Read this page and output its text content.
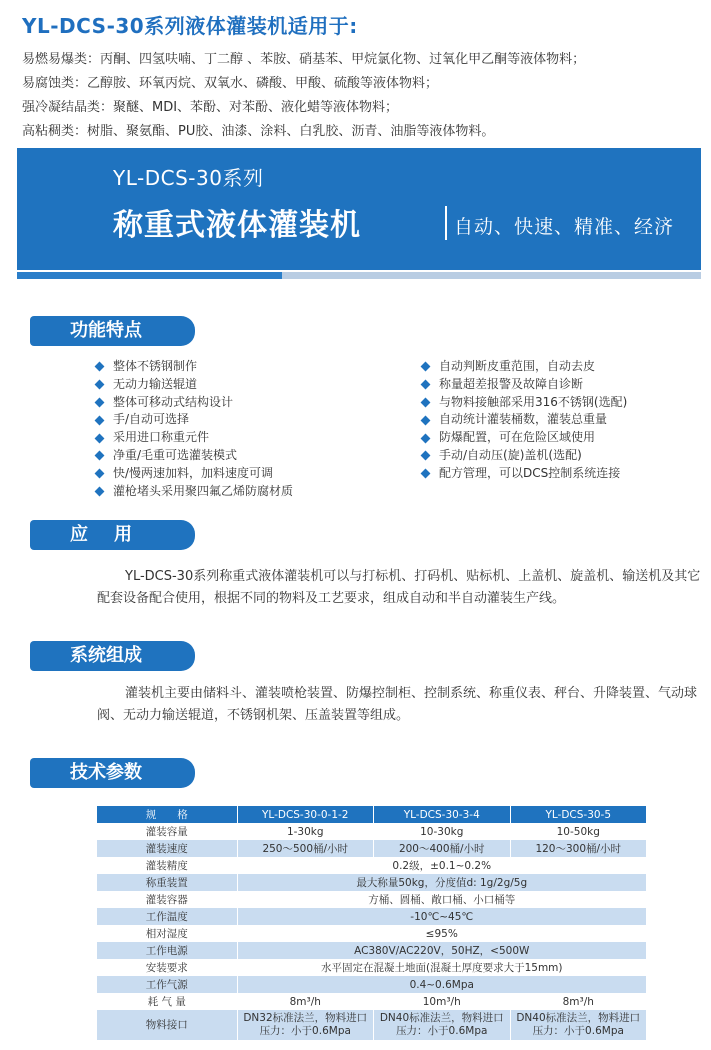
YL-DCS-30系列液体灌装机适用于:
易燃易爆类：丙酮、四氢呋喃、丁二醇 、苯胺、硝基苯、甲烷氯化物、过氧化甲乙酮等液体物料；
易腐蚀类：乙醇胺、环氧丙烷、双氧水、磷酸、甲酸、硫酸等液体物料；
强冷凝结晶类：聚醚、MDI、苯酚、对苯酚、液化蜡等液体物料；
高粘稠类：树脂、聚氨酯、PU胶、油漆、涂料、白乳胶、沥青、油脂等液体物料。
YL-DCS-30系列
称重式液体灌装机	自动、快速、精准、经济
功能特点
整体不锈钢制作
无动力输送辊道
整体可移动式结构设计
手/自动可选择
采用进口称重元件
净重/毛重可选灌装模式
快/慢两速加料，加料速度可调
灌枪堵头采用聚四氟乙烯防腐材质
自动判断皮重范围，自动去皮
称量超差报警及故障自诊断
与物料接触部采用316不锈钢(选配)
自动统计灌装桶数，灌装总重量
防爆配置，可在危险区域使用
手动/自动压(旋)盖机(选配)
配方管理，可以DCS控制系统连接
应用
YL-DCS-30系列称重式液体灌装机可以与打标机、打码机、贴标机、上盖机、旋盖机、输送机及其它配套设备配合使用，根据不同的物料及工艺要求，组成自动和半自动灌装生产线。
系统组成
灌装机主要由储料斗、灌装喷枪装置、防爆控制柜、控制系统、称重仪表、秤台、升降装置、气动球阀、无动力输送辊道，不锈钢机架、压盖装置等组成。
技术参数
规　　格	YL-DCS-30-0-1-2	YL-DCS-30-3-4	YL-DCS-30-5
灌装容量	1-30kg	10-30kg	10-50kg
灌装速度	250～500桶/小时	200～400桶/小时	120～300桶/小时
灌装精度	0.2级，±0.1~0.2%		
称重装置	最大称量50kg，分度值d: 1g/2g/5g		
灌装容器	方桶、圆桶、敞口桶、小口桶等		
工作温度	-10℃~45℃		
相对湿度	≤95%		
工作电源	AC380V/AC220V，50HZ，<500W		
安装要求	水平固定在混凝土地面(混凝土厚度要求大于15mm)		
工作气源	0.4~0.6Mpa		
耗 气 量	8m³/h	10m³/h	8m³/h
物料接口	DN32标准法兰，物料进口压力：小于0.6Mpa	DN40标准法兰，物料进口压力：小于0.6Mpa	DN40标准法兰，物料进口压力：小于0.6Mpa
